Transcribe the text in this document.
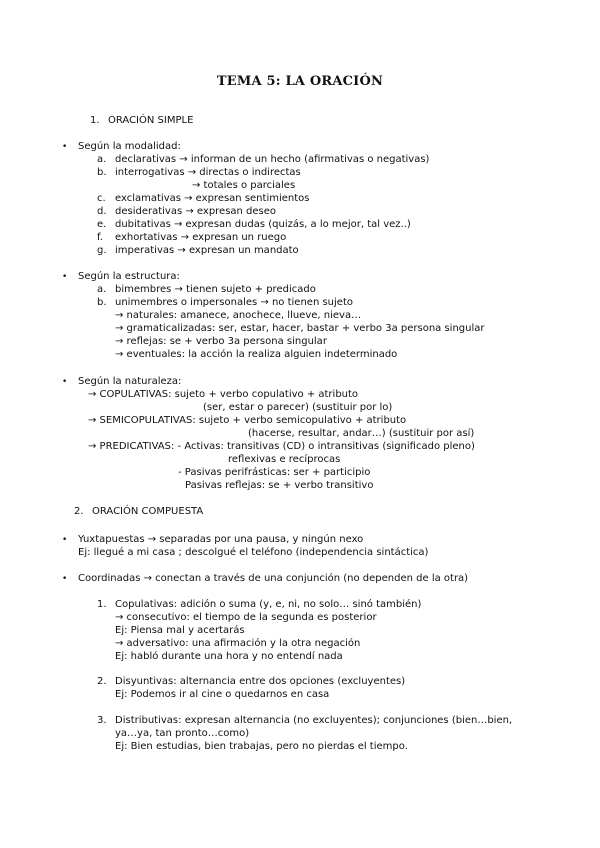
TEMA 5: LA ORACIÓN
1. ORACIÓN SIMPLE
• Según la modalidad:
a. declarativas → informan de un hecho (afirmativas o negativas)
b. interrogativas → directas o indirectas
→ totales o parciales
c. exclamativas → expresan sentimientos
d. desiderativas → expresan deseo
e. dubitativas → expresan dudas (quizás, a lo mejor, tal vez..)
f. exhortativas → expresan un ruego
g. imperativas → expresan un mandato
• Según la estructura:
a. bimembres → tienen sujeto + predicado
b. unimembres o impersonales → no tienen sujeto
→ naturales: amanece, anochece, llueve, nieva…
→ gramaticalizadas: ser, estar, hacer, bastar + verbo 3a persona singular
→ reflejas: se + verbo 3a persona singular
→ eventuales: la acción la realiza alguien indeterminado
• Según la naturaleza:
→ COPULATIVAS: sujeto + verbo copulativo + atributo
(ser, estar o parecer) (sustituir por lo)
→ SEMICOPULATIVAS: sujeto + verbo semicopulativo + atributo
(hacerse, resultar, andar…) (sustituir por así)
→ PREDICATIVAS: - Activas: transitivas (CD) o intransitivas (significado pleno)
reflexivas e recíprocas
- Pasivas perifrásticas: ser + participio
Pasivas reflejas: se + verbo transitivo
2. ORACIÓN COMPUESTA
• Yuxtapuestas → separadas por una pausa, y ningún nexo
Ej: llegué a mi casa ; descolgué el teléfono (independencia sintáctica)
• Coordinadas → conectan a través de una conjunción (no dependen de la otra)
1. Copulativas: adición o suma (y, e, ni, no solo… sinó también)
→ consecutivo: el tiempo de la segunda es posterior
Ej: Piensa mal y acertarás
→ adversativo: una afirmación y la otra negación
Ej: habló durante una hora y no entendí nada
2. Disyuntivas: alternancia entre dos opciones (excluyentes)
Ej: Podemos ir al cine o quedarnos en casa
3. Distributivas: expresan alternancia (no excluyentes); conjunciones (bien…bien,
ya…ya, tan pronto…como)
Ej: Bien estudias, bien trabajas, pero no pierdas el tiempo.
